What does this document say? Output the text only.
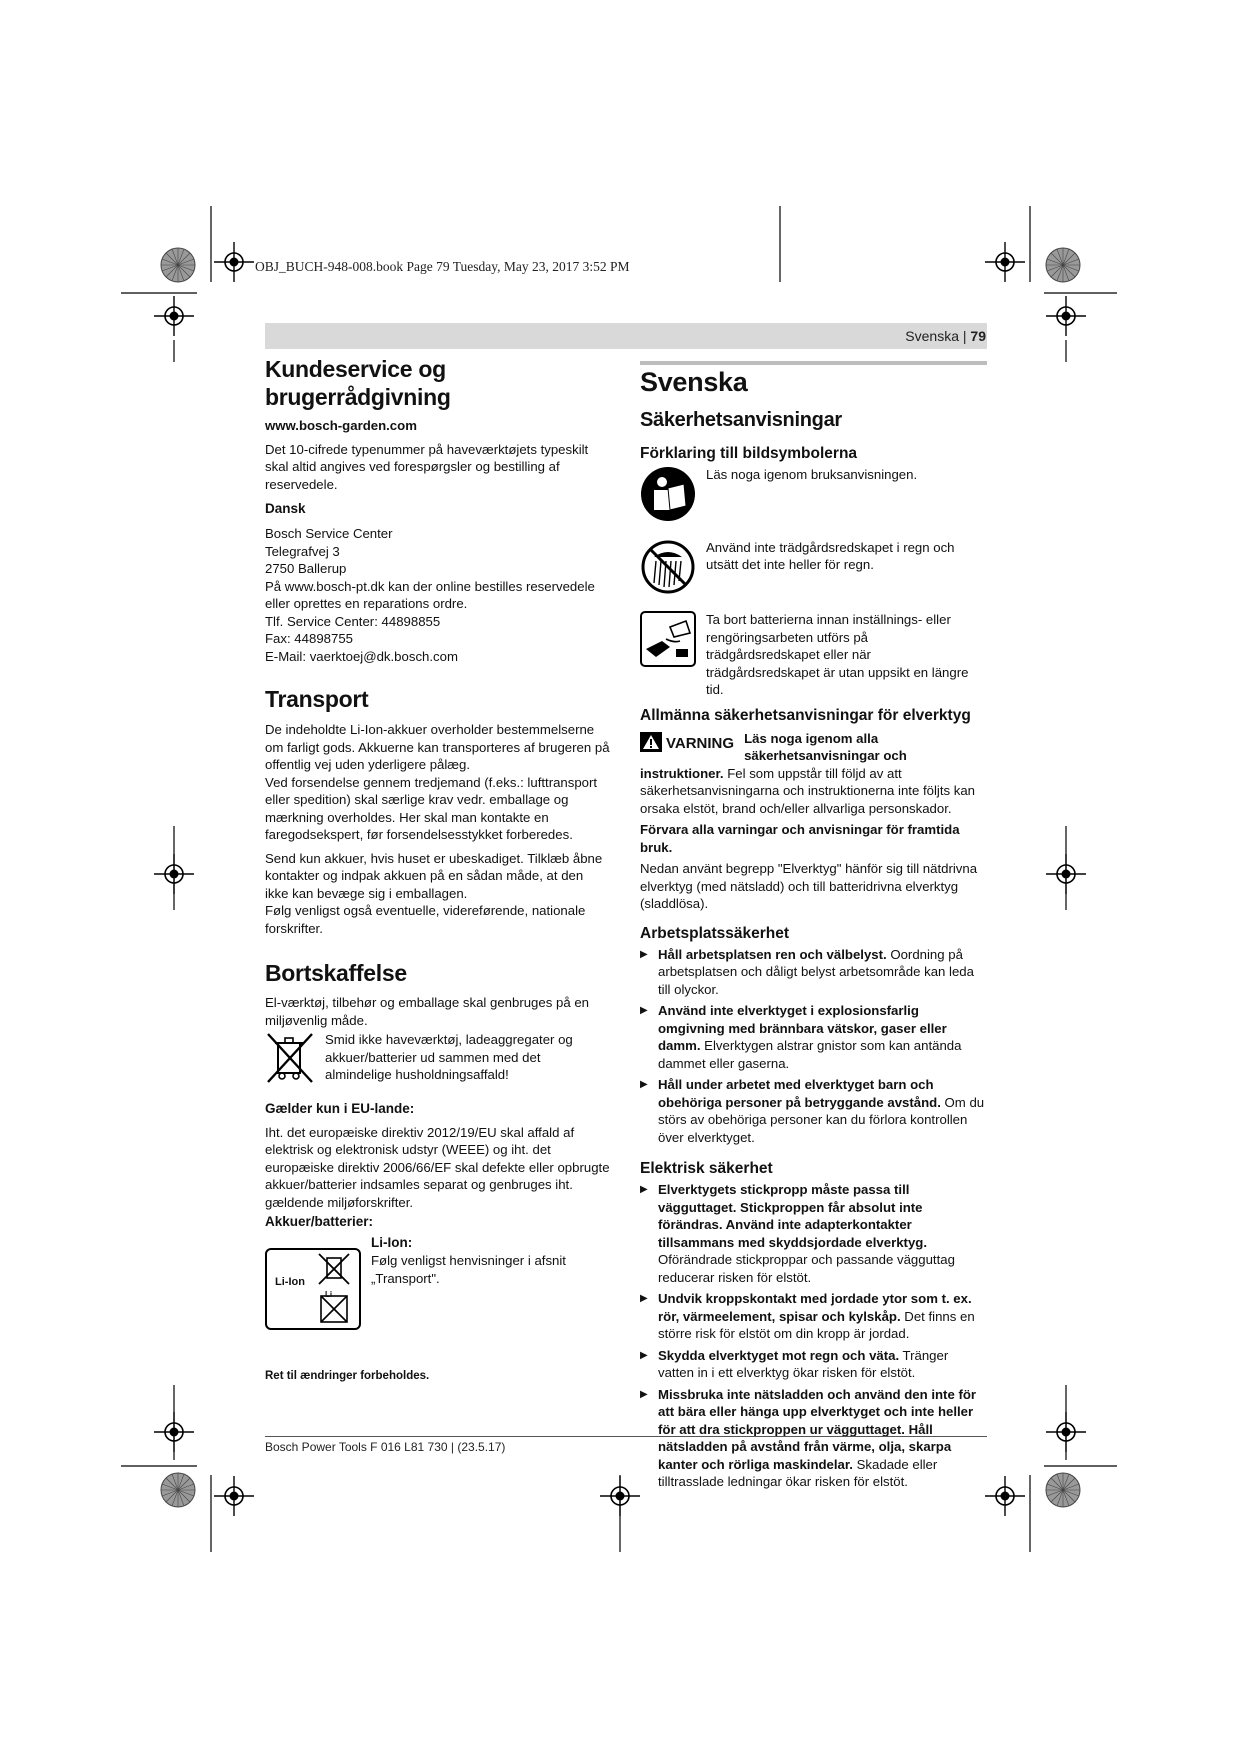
OBJ_BUCH-948-008.book Page 79 Tuesday, May 23, 2017 3:52 PM
Svenska | 79
Kundeservice og brugerrådgivning

www.bosch-garden.com

Det 10-cifrede typenummer på haveværktøjets typeskilt skal altid angives ved forespørgsler og bestilling af reservedele.

Dansk

Bosch Service Center

Telegrafvej 3

2750 Ballerup

På www.bosch-pt.dk kan der online bestilles reservedele eller oprettes en reparations ordre.

Tlf. Service Center: 44898855

Fax: 44898755

E-Mail: vaerktoej@dk.bosch.com

Transport

De indeholdte Li-Ion-akkuer overholder bestemmelserne om farligt gods. Akkuerne kan transporteres af brugeren på offentlig vej uden yderligere pålæg.

Ved forsendelse gennem tredjemand (f.eks.: lufttransport eller spedition) skal særlige krav vedr. emballage og mærkning overholdes. Her skal man kontakte en faregodsekspert, før forsendelsesstykket forberedes.

Send kun akkuer, hvis huset er ubeskadiget. Tilklæb åbne kontakter og indpak akkuen på en sådan måde, at den ikke kan bevæge sig i emballagen.

Følg venligst også eventuelle, videreførende, nationale forskrifter.

Bortskaffelse

El-værktøj, tilbehør og emballage skal genbruges på en miljøvenlig måde.

Smid ikke haveværktøj, ladeaggregater og akkuer/batterier ud sammen med det almindelige husholdningsaffald!

Gælder kun i EU-lande:

Iht. det europæiske direktiv 2012/19/EU skal affald af elektrisk og elektronisk udstyr (WEEE) og iht. det europæiske direktiv 2006/66/EF skal defekte eller opbrugte akkuer/batterier indsamles separat og genbruges iht. gældende miljøforskrifter.

Akkuer/batterier:

Li-Ion
Li

Li-Ion:

Følg venligst henvisninger i afsnit „Transport".

Ret til ændringer forbeholdes.

Svenska
Säkerhetsanvisningar
Förklaring till bildsymbolerna

Läs noga igenom bruksanvisningen.

Använd inte trädgårdsredskapet i regn och utsätt det inte heller för regn.

Ta bort batterierna innan inställnings- eller rengöringsarbeten utförs på trädgårdsredskapet eller när trädgårdsredskapet är utan uppsikt en längre tid.

Allmänna säkerhetsanvisningar för elverktyg
VARNING Läs noga igenom alla säkerhetsanvisningar och instruktioner. Fel som uppstår till följd av att säkerhetsanvisningarna och instruktionerna inte följts kan orsaka elstöt, brand och/eller allvarliga personskador.

Förvara alla varningar och anvisningar för framtida bruk.

Nedan använt begrepp "Elverktyg" hänför sig till nätdrivna elverktyg (med nätsladd) och till batteridrivna elverktyg (sladdlösa).

Arbetsplatssäkerhet
▶ Håll arbetsplatsen ren och välbelyst. Oordning på arbetsplatsen och dåligt belyst arbetsområde kan leda till olyckor.

▶ Använd inte elverktyget i explosionsfarlig omgivning med brännbara vätskor, gaser eller damm. Elverktygen alstrar gnistor som kan antända dammet eller gaserna.

▶ Håll under arbetet med elverktyget barn och obehöriga personer på betryggande avstånd. Om du störs av obehöriga personer kan du förlora kontrollen över elverktyget.

Elektrisk säkerhet
▶ Elverktygets stickpropp måste passa till vägguttaget. Stickproppen får absolut inte förändras. Använd inte adapterkontakter tillsammans med skyddsjordade elverktyg. Oförändrade stickproppar och passande vägguttag reducerar risken för elstöt.

▶ Undvik kroppskontakt med jordade ytor som t. ex. rör, värmeelement, spisar och kylskåp. Det finns en större risk för elstöt om din kropp är jordad.

▶ Skydda elverktyget mot regn och väta. Tränger vatten in i ett elverktyg ökar risken för elstöt.

▶ Missbruka inte nätsladden och använd den inte för att bära eller hänga upp elverktyget och inte heller för att dra stickproppen ur vägguttaget. Håll nätsladden på avstånd från värme, olja, skarpa kanter och rörliga maskindelar. Skadade eller tilltrasslade ledningar ökar risken för elstöt.

Bosch Power Tools F 016 L81 730 | (23.5.17)
